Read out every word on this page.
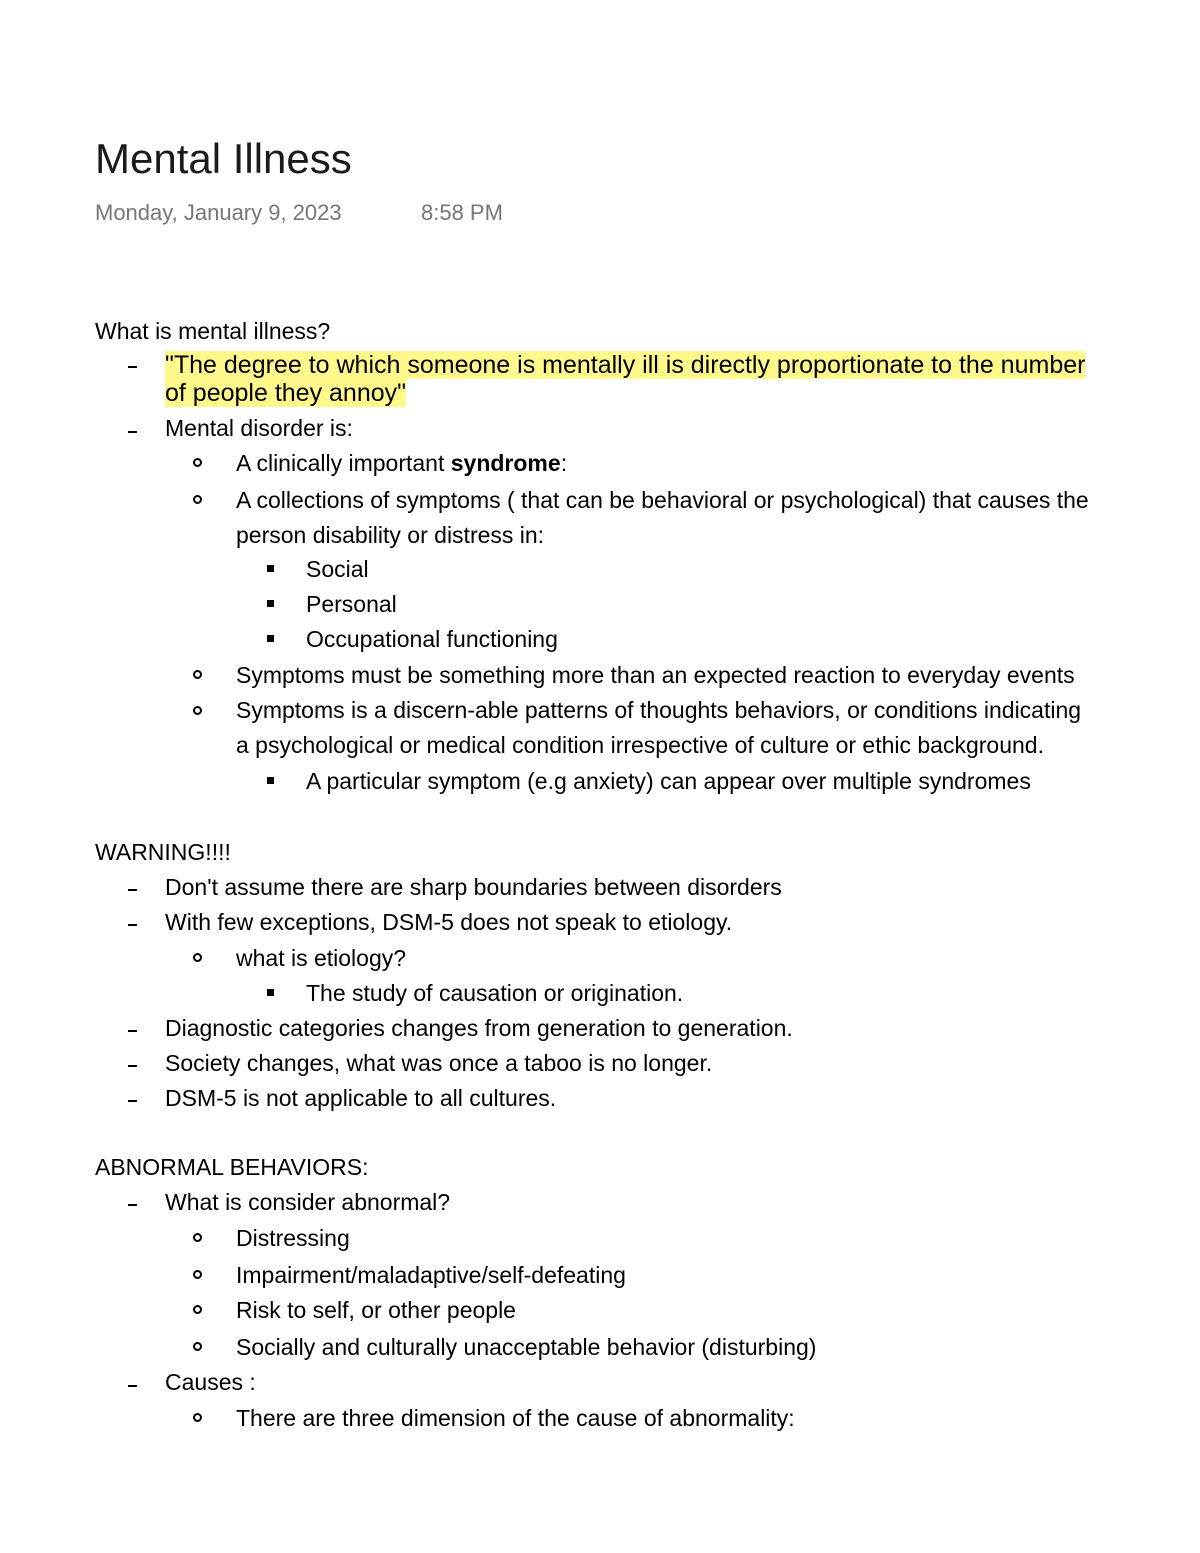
Mental Illness
Monday, January 9, 2023	8:58 PM
What is mental illness?
"The degree to which someone is mentally ill is directly proportionate to the number
of people they annoy"
Mental disorder is:
A clinically important syndrome:
A collections of symptoms ( that can be behavioral or psychological) that causes the
person disability or distress in:
Social
Personal
Occupational functioning
Symptoms must be something more than an expected reaction to everyday events
Symptoms is a discern-able patterns of thoughts behaviors, or conditions indicating
a psychological or medical condition irrespective of culture or ethic background.
A particular symptom (e.g anxiety) can appear over multiple syndromes
WARNING!!!!
Don't assume there are sharp boundaries between disorders
With few exceptions, DSM-5 does not speak to etiology.
what is etiology?
The study of causation or origination.
Diagnostic categories changes from generation to generation.
Society changes, what was once a taboo is no longer.
DSM-5 is not applicable to all cultures.
ABNORMAL BEHAVIORS:
What is consider abnormal?
Distressing
Impairment/maladaptive/self-defeating
Risk to self, or other people
Socially and culturally unacceptable behavior (disturbing)
Causes :
There are three dimension of the cause of abnormality:
